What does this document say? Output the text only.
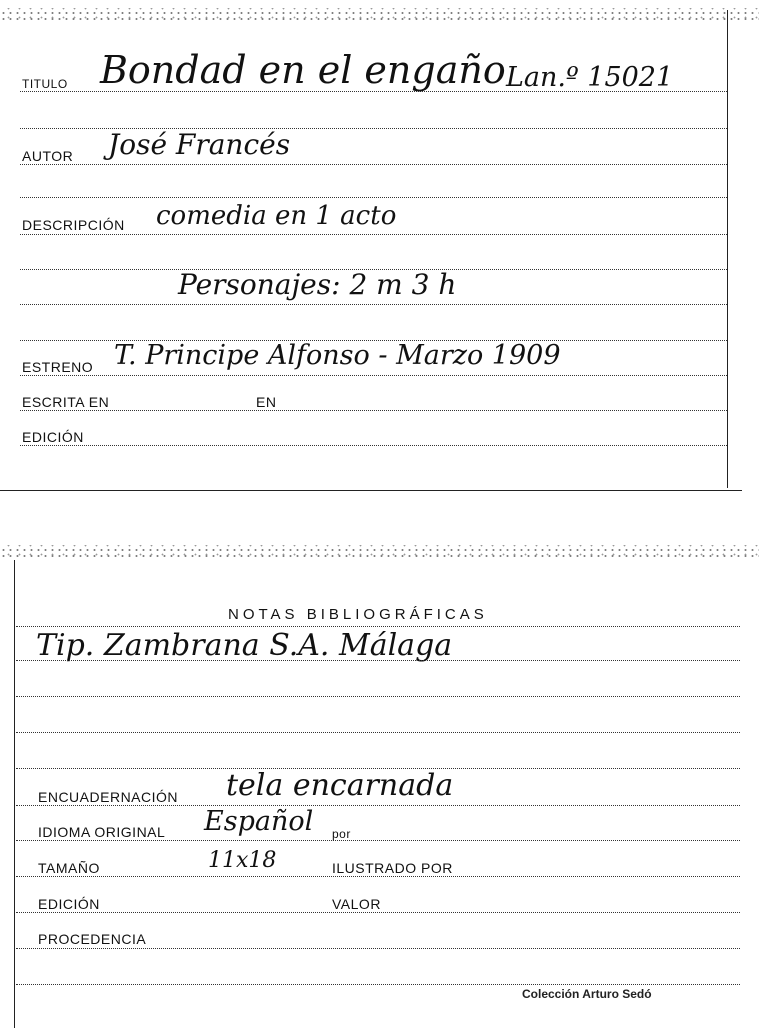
TITULO Bondad en el engaño Lan.º 15021
AUTOR José Francés
DESCRIPCIÓN comedia en 1 acto
Personajes: 2 m 3 h
ESTRENO T. Principe Alfonso - Marzo 1909
ESCRITA EN	EN
EDICIÓN
NOTAS BIBLIOGRÁFICAS
Tip. Zambrana S.A. Málaga
ENCUADERNACIÓN tela encarnada
IDIOMA ORIGINAL Español por
TAMAÑO	11x18	ILUSTRADO POR
EDICIÓN	VALOR
PROCEDENCIA
Colección Arturo Sedó
